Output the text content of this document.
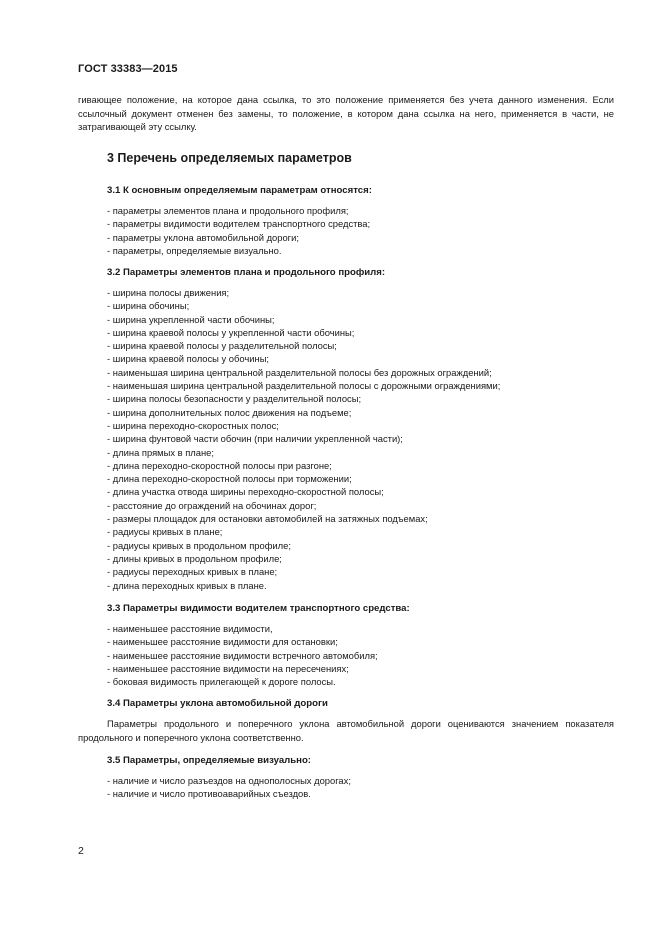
ГОСТ 33383—2015
гивающее положение, на которое дана ссылка, то это положение применяется без учета данного изменения. Если ссылочный документ отменен без замены, то положение, в котором дана ссылка на него, применяется в части, не затрагивающей эту ссылку.
3 Перечень определяемых параметров
3.1 К основным определяемым параметрам относятся:
- параметры элементов плана и продольного профиля;
- параметры видимости водителем транспортного средства;
- параметры уклона автомобильной дороги;
- параметры, определяемые визуально.
3.2 Параметры элементов плана и продольного профиля:
- ширина полосы движения;
- ширина обочины;
- ширина укрепленной части обочины;
- ширина краевой полосы у укрепленной части обочины;
- ширина краевой полосы у разделительной полосы;
- ширина краевой полосы у обочины;
- наименьшая ширина центральной разделительной полосы без дорожных ограждений;
- наименьшая ширина центральной разделительной полосы с дорожными ограждениями;
- ширина полосы безопасности у разделительной полосы;
- ширина дополнительных полос движения на подъеме;
- ширина переходно-скоростных полос;
- ширина фунтовой части обочин (при наличии укрепленной части);
- длина прямых в плане;
- длина переходно-скоростной полосы при разгоне;
- длина переходно-скоростной полосы при торможении;
- длина участка отвода ширины переходно-скоростной полосы;
- расстояние до ограждений на обочинах дорог;
- размеры площадок для остановки автомобилей на затяжных подъемах;
- радиусы кривых в плане;
- радиусы кривых в продольном профиле;
- длины кривых в продольном профиле;
- радиусы переходных кривых в плане;
- длина переходных кривых в плане.
3.3 Параметры видимости водителем транспортного средства:
- наименьшее расстояние видимости,
- наименьшее расстояние видимости для остановки;
- наименьшее расстояние видимости встречного автомобиля;
- наименьшее расстояние видимости на пересечениях;
- боковая видимость прилегающей к дороге полосы.
3.4 Параметры уклона автомобильной дороги
Параметры продольного и поперечного уклона автомобильной дороги оцениваются значением показателя продольного и поперечного уклона соответственно.
3.5 Параметры, определяемые визуально:
- наличие и число разъездов на однополосных дорогах;
- наличие и число противоаварийных съездов.
2
